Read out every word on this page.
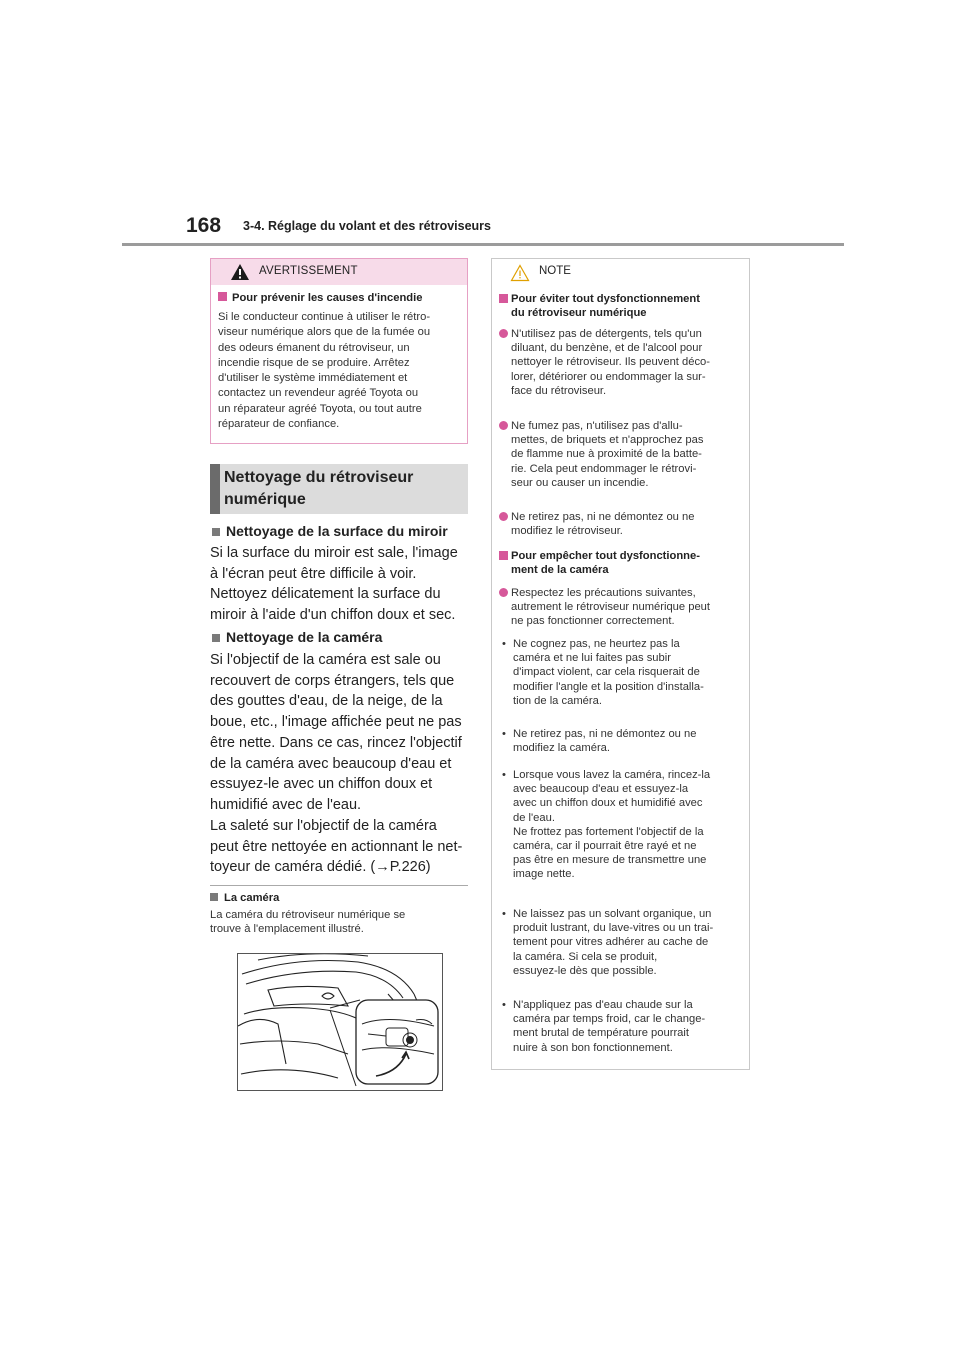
168 3-4. Réglage du volant et des rétroviseurs
AVERTISSEMENT
Pour prévenir les causes d'incendie
Si le conducteur continue à utiliser le rétro-
viseur numérique alors que de la fumée ou
des odeurs émanent du rétroviseur, un
incendie risque de se produire. Arrêtez
d'utiliser le système immédiatement et
contactez un revendeur agréé Toyota ou
un réparateur agréé Toyota, ou tout autre
réparateur de confiance.
Nettoyage du rétroviseur
numérique
Nettoyage de la surface du miroir
Si la surface du miroir est sale, l'image
à l'écran peut être difficile à voir.
Nettoyez délicatement la surface du
miroir à l'aide d'un chiffon doux et sec.
Nettoyage de la caméra
Si l'objectif de la caméra est sale ou
recouvert de corps étrangers, tels que
des gouttes d'eau, de la neige, de la
boue, etc., l'image affichée peut ne pas
être nette. Dans ce cas, rincez l'objectif
de la caméra avec beaucoup d'eau et
essuyez-le avec un chiffon doux et
humidifié avec de l'eau.
La saleté sur l'objectif de la caméra
peut être nettoyée en actionnant le net-
toyeur de caméra dédié. (→P.226)
La caméra
La caméra du rétroviseur numérique se
trouve à l'emplacement illustré.
NOTE
Pour éviter tout dysfonctionnement
du rétroviseur numérique
N'utilisez pas de détergents, tels qu'un
diluant, du benzène, et de l'alcool pour
nettoyer le rétroviseur. Ils peuvent déco-
lorer, détériorer ou endommager la sur-
face du rétroviseur.
Ne fumez pas, n'utilisez pas d'allu-
mettes, de briquets et n'approchez pas
de flamme nue à proximité de la batte-
rie. Cela peut endommager le rétrovi-
seur ou causer un incendie.
Ne retirez pas, ni ne démontez ou ne
modifiez le rétroviseur.
Pour empêcher tout dysfonctionne-
ment de la caméra
Respectez les précautions suivantes,
autrement le rétroviseur numérique peut
ne pas fonctionner correctement.
• Ne cognez pas, ne heurtez pas la
caméra et ne lui faites pas subir
d'impact violent, car cela risquerait de
modifier l'angle et la position d'installa-
tion de la caméra.
• Ne retirez pas, ni ne démontez ou ne
modifiez la caméra.
• Lorsque vous lavez la caméra, rincez-la
avec beaucoup d'eau et essuyez-la
avec un chiffon doux et humidifié avec
de l'eau.
Ne frottez pas fortement l'objectif de la
caméra, car il pourrait être rayé et ne
pas être en mesure de transmettre une
image nette.
• Ne laissez pas un solvant organique, un
produit lustrant, du lave-vitres ou un trai-
tement pour vitres adhérer au cache de
la caméra. Si cela se produit,
essuyez-le dès que possible.
• N'appliquez pas d'eau chaude sur la
caméra par temps froid, car le change-
ment brutal de température pourrait
nuire à son bon fonctionnement.
